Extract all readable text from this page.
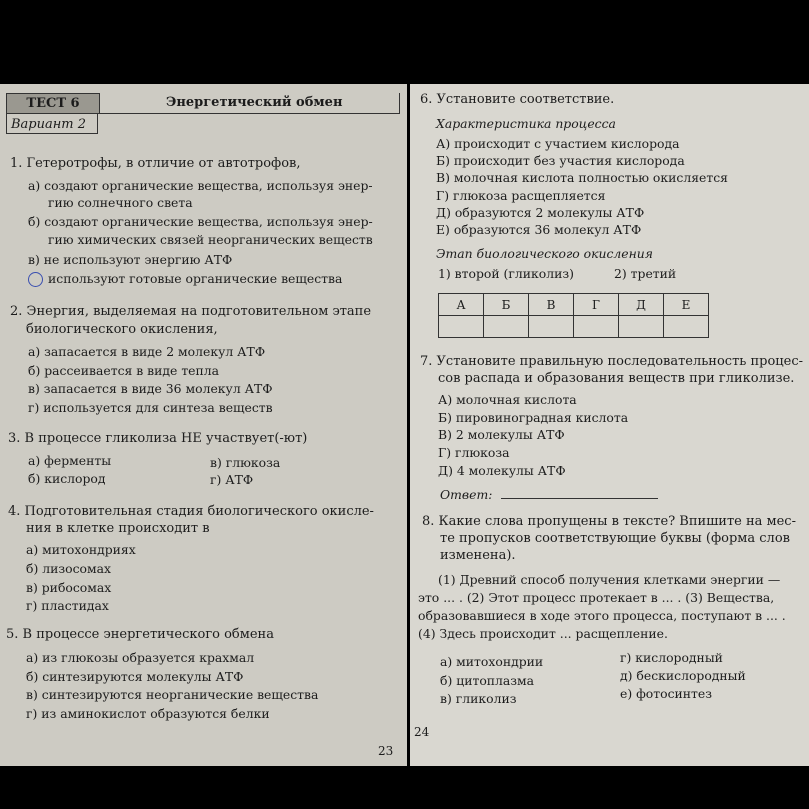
ТЕСТ 6
Вариант 2
Энергетический обмен
1. Гетеротрофы, в отличие от автотрофов,
а) создают органические вещества, используя энер-
гию солнечного света
б) создают органические вещества, используя энер-
гию химических связей неорганических веществ
в) не используют энергию АТФ
используют готовые органические вещества
2. Энергия, выделяемая на подготовительном этапе
биологического окисления,
а) запасается в виде 2 молекул АТФ
б) рассеивается в виде тепла
в) запасается в виде 36 молекул АТФ
г) используется для синтеза веществ
3. В процессе гликолиза НЕ участвует(-ют)
а) ферменты
б) кислород
в) глюкоза
г) АТФ
4. Подготовительная стадия биологического окисле-
ния в клетке происходит в
а) митохондриях
б) лизосомах
в) рибосомах
г) пластидах
5. В процессе энергетического обмена
а) из глюкозы образуется крахмал
б) синтезируются молекулы АТФ
в) синтезируются неорганические вещества
г) из аминокислот образуются белки
23
6. Установите соответствие.
Характеристика процесса
А) происходит с участием кислорода
Б) происходит без участия кислорода
В) молочная кислота полностью окисляется
Г) глюкоза расщепляется
Д) образуются 2 молекулы АТФ
Е) образуются 36 молекул АТФ
Этап биологического окисления
1) второй (гликолиз)	2) третий
А	Б	В	Г	Д	Е

7. Установите правильную последовательность процес-
сов распада и образования веществ при гликолизе.
А) молочная кислота
Б) пировиноградная кислота
В) 2 молекулы АТФ
Г) глюкоза
Д) 4 молекулы АТФ
Ответ:
8. Какие слова пропущены в тексте? Впишите на мес-
те пропусков соответствующие буквы (форма слов
изменена).
(1) Древний способ получения клетками энергии —
это ... . (2) Этот процесс протекает в ... . (3) Вещества,
образовавшиеся в ходе этого процесса, поступают в ... .
(4) Здесь происходит ... расщепление.
а) митохондрии
б) цитоплазма
в) гликолиз
г) кислородный
д) бескислородный
е) фотосинтез
24
